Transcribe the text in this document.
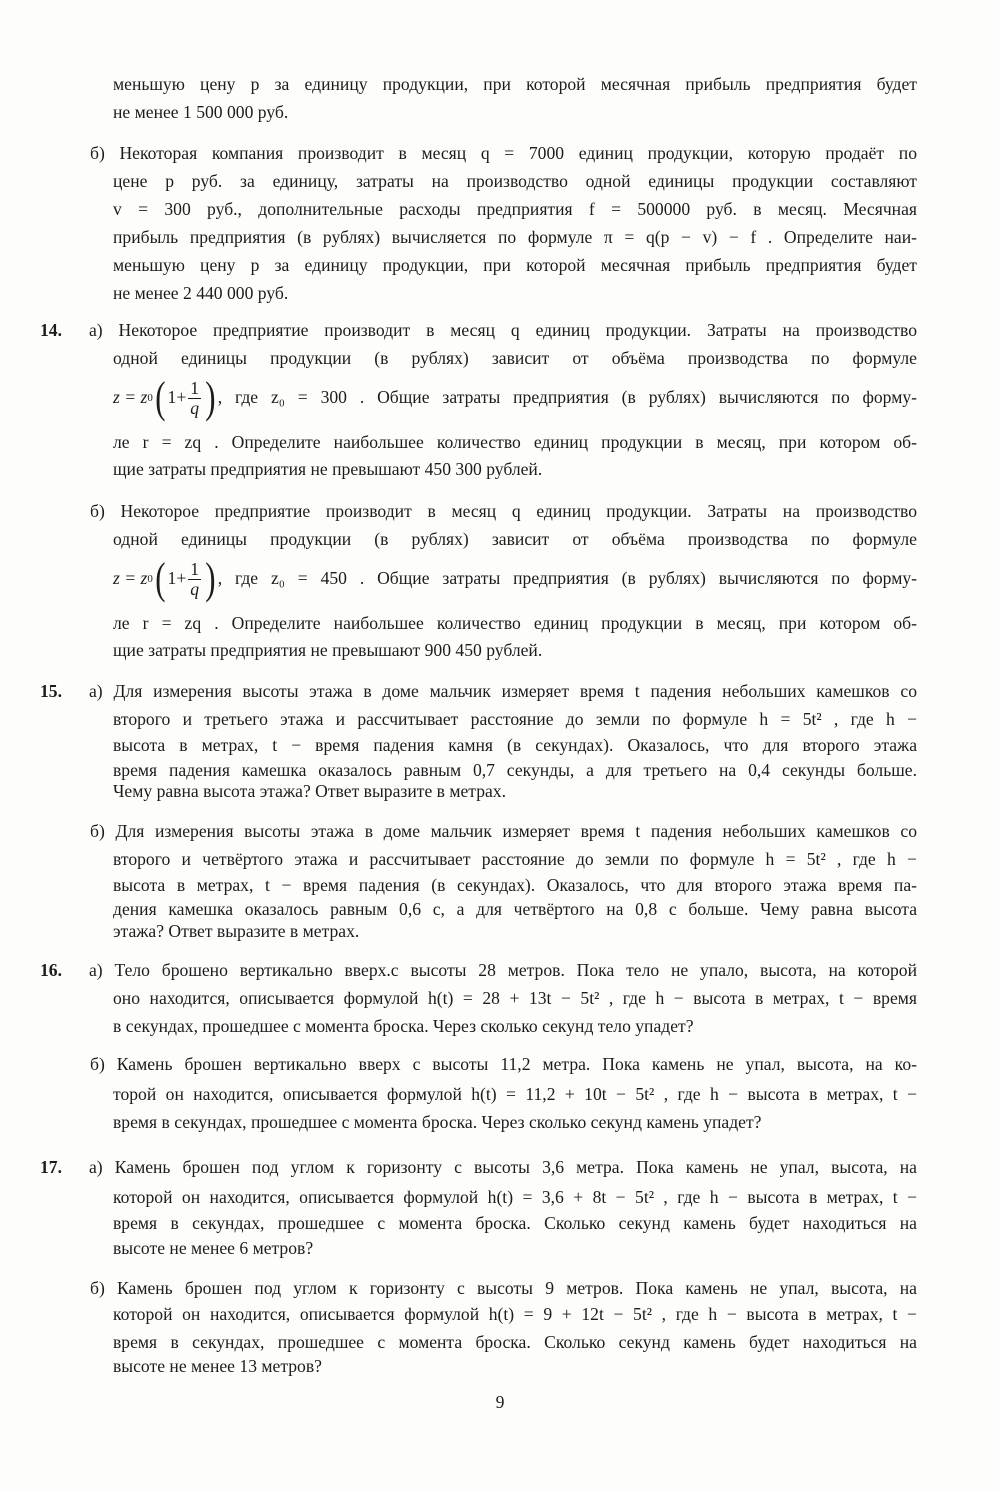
меньшую цену p за единицу продукции, при которой месячная прибыль предприятия будет
не менее 1 500 000 руб.
б) Некоторая компания производит в месяц q = 7000 единиц продукции, которую продаёт по
цене p руб. за единицу, затраты на производство одной единицы продукции составляют
v = 300 руб., дополнительные расходы предприятия f = 500000 руб. в месяц. Месячная
прибыль предприятия (в рублях) вычисляется по формуле π = q(p − v) − f . Определите наи-
меньшую цену p за единицу продукции, при которой месячная прибыль предприятия будет
не менее 2 440 000 руб.
14. а) Некоторое предприятие производит в месяц q единиц продукции. Затраты на производство
одной единицы продукции (в рублях) зависит от объёма производства по формуле
z = z 0 ( $1+ \frac{1}{q}$ ) , где z₀ = 300 . Общие затраты предприятия (в рублях) вычисляются по форму-
ле r = zq . Определите наибольшее количество единиц продукции в месяц, при котором об-
щие затраты предприятия не превышают 450 300 рублей.
б) Некоторое предприятие производит в месяц q единиц продукции. Затраты на производство
одной единицы продукции (в рублях) зависит от объёма производства по формуле
z = z 0 ( $1+ \frac{1}{q}$ ) , где z₀ = 450 . Общие затраты предприятия (в рублях) вычисляются по форму-
ле r = zq . Определите наибольшее количество единиц продукции в месяц, при котором об-
щие затраты предприятия не превышают 900 450 рублей.
15. а) Для измерения высоты этажа в доме мальчик измеряет время t падения небольших камешков со
второго и третьего этажа и рассчитывает расстояние до земли по формуле h = 5t² , где h −
высота в метрах, t − время падения камня (в секундах). Оказалось, что для второго этажа
время падения камешка оказалось равным 0,7 секунды, а для третьего на 0,4 секунды больше.
Чему равна высота этажа? Ответ выразите в метрах.
б) Для измерения высоты этажа в доме мальчик измеряет время t падения небольших камешков со
второго и четвёртого этажа и рассчитывает расстояние до земли по формуле h = 5t² , где h −
высота в метрах, t − время падения (в секундах). Оказалось, что для второго этажа время па-
дения камешка оказалось равным 0,6 с, а для четвёртого на 0,8 с больше. Чему равна высота
этажа? Ответ выразите в метрах.
16. а) Тело брошено вертикально вверх.с высоты 28 метров. Пока тело не упало, высота, на которой
оно находится, описывается формулой h(t) = 28 + 13t − 5t² , где h − высота в метрах, t − время
в секундах, прошедшее с момента броска. Через сколько секунд тело упадет?
б) Камень брошен вертикально вверх с высоты 11,2 метра. Пока камень не упал, высота, на ко-
торой он находится, описывается формулой h(t) = 11,2 + 10t − 5t² , где h − высота в метрах, t −
время в секундах, прошедшее с момента броска. Через сколько секунд камень упадет?
17. а) Камень брошен под углом к горизонту с высоты 3,6 метра. Пока камень не упал, высота, на
которой он находится, описывается формулой h(t) = 3,6 + 8t − 5t² , где h − высота в метрах, t −
время в секундах, прошедшее с момента броска. Сколько секунд камень будет находиться на
высоте не менее 6 метров?
б) Камень брошен под углом к горизонту с высоты 9 метров. Пока камень не упал, высота, на
которой он находится, описывается формулой h(t) = 9 + 12t − 5t² , где h − высота в метрах, t −
время в секундах, прошедшее с момента броска. Сколько секунд камень будет находиться на
высоте не менее 13 метров?
9
